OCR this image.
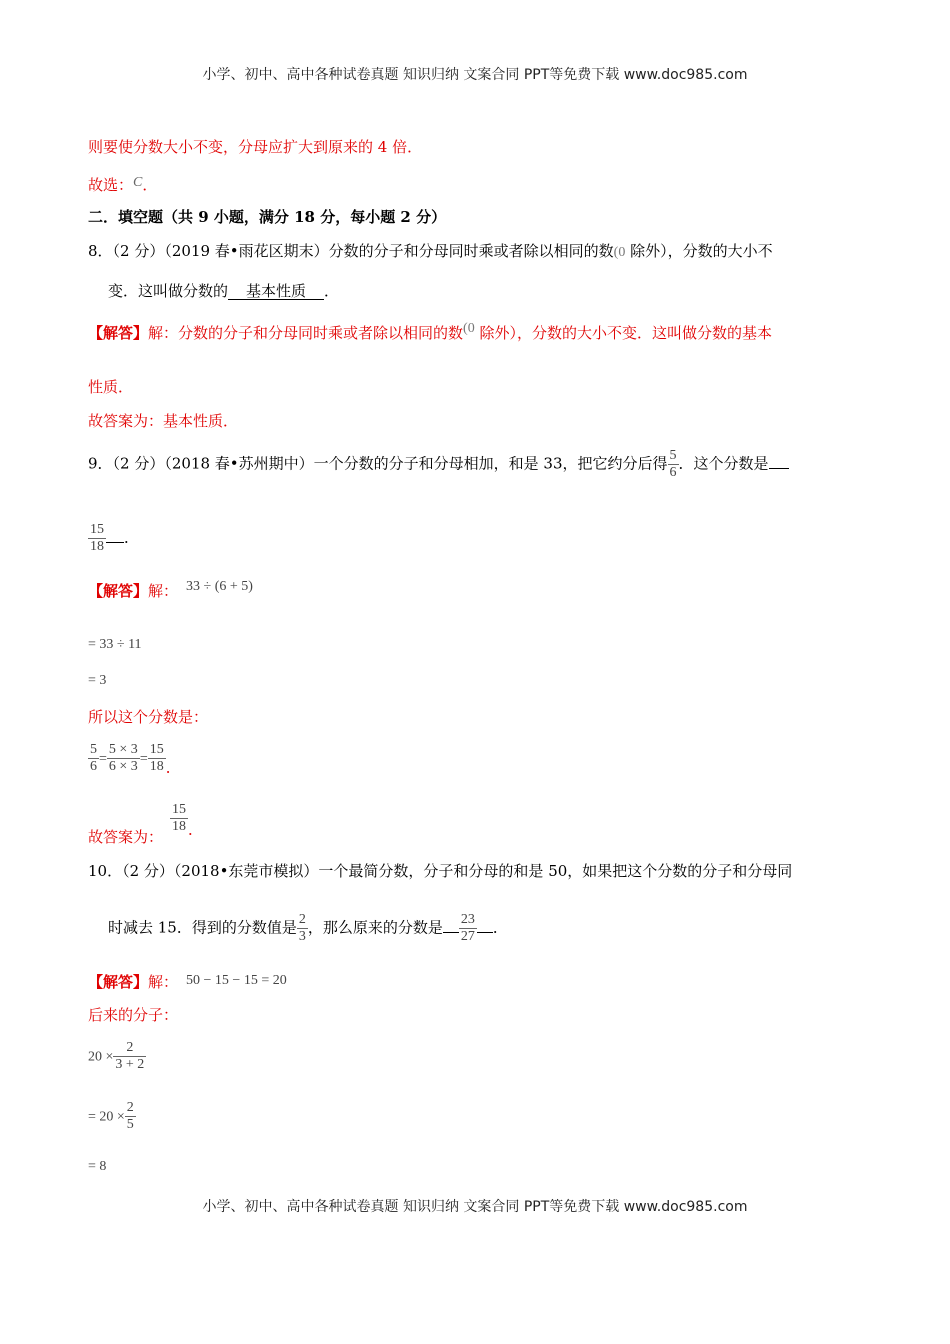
小学、初中、高中各种试卷真题 知识归纳 文案合同 PPT等免费下载 www.doc985.com
则要使分数大小不变，分母应扩大到原来的 4 倍．
故选：C．
二．填空题（共 9 小题，满分 18 分，每小题 2 分）
8．（2 分）（2019 春•雨花区期末）分数的分子和分母同时乘或者除以相同的数(0 除外），分数的大小不
变．这叫做分数的 基本性质 ．
【解答】解：分数的分子和分母同时乘或者除以相同的数(0 除外），分数的大小不变．这叫做分数的基本
性质．
故答案为：基本性质．
9．（2 分）（2018 春•苏州期中）一个分数的分子和分母相加，和是 33，把它约分后得 $\frac{5}{6}$ ．这个分数是
$\frac{15}{18}$ ．
【解答】解： 33 ÷ (6 + 5)
= 33 ÷ 11
= 3
所以这个分数是：
$\frac{5}{6} = \frac{5 \times 3}{6 \times 3} = \frac{15}{18}$ ．
故答案为：
$\frac{15}{18}$ ．
10．（2 分）（2018•东莞市模拟）一个最简分数，分子和分母的和是 50，如果把这个分数的分子和分母同
时减去 15．得到的分数值是 $\frac{2}{3}$ ，那么原来的分数是 $\frac{23}{27}$ ．
【解答】解： 50 − 15 − 15 = 20
后来的分子：
$20 \times \frac{2}{3 + 2}$
= $20 \times \frac{2}{5}$
= 8
小学、初中、高中各种试卷真题 知识归纳 文案合同 PPT等免费下载 www.doc985.com
